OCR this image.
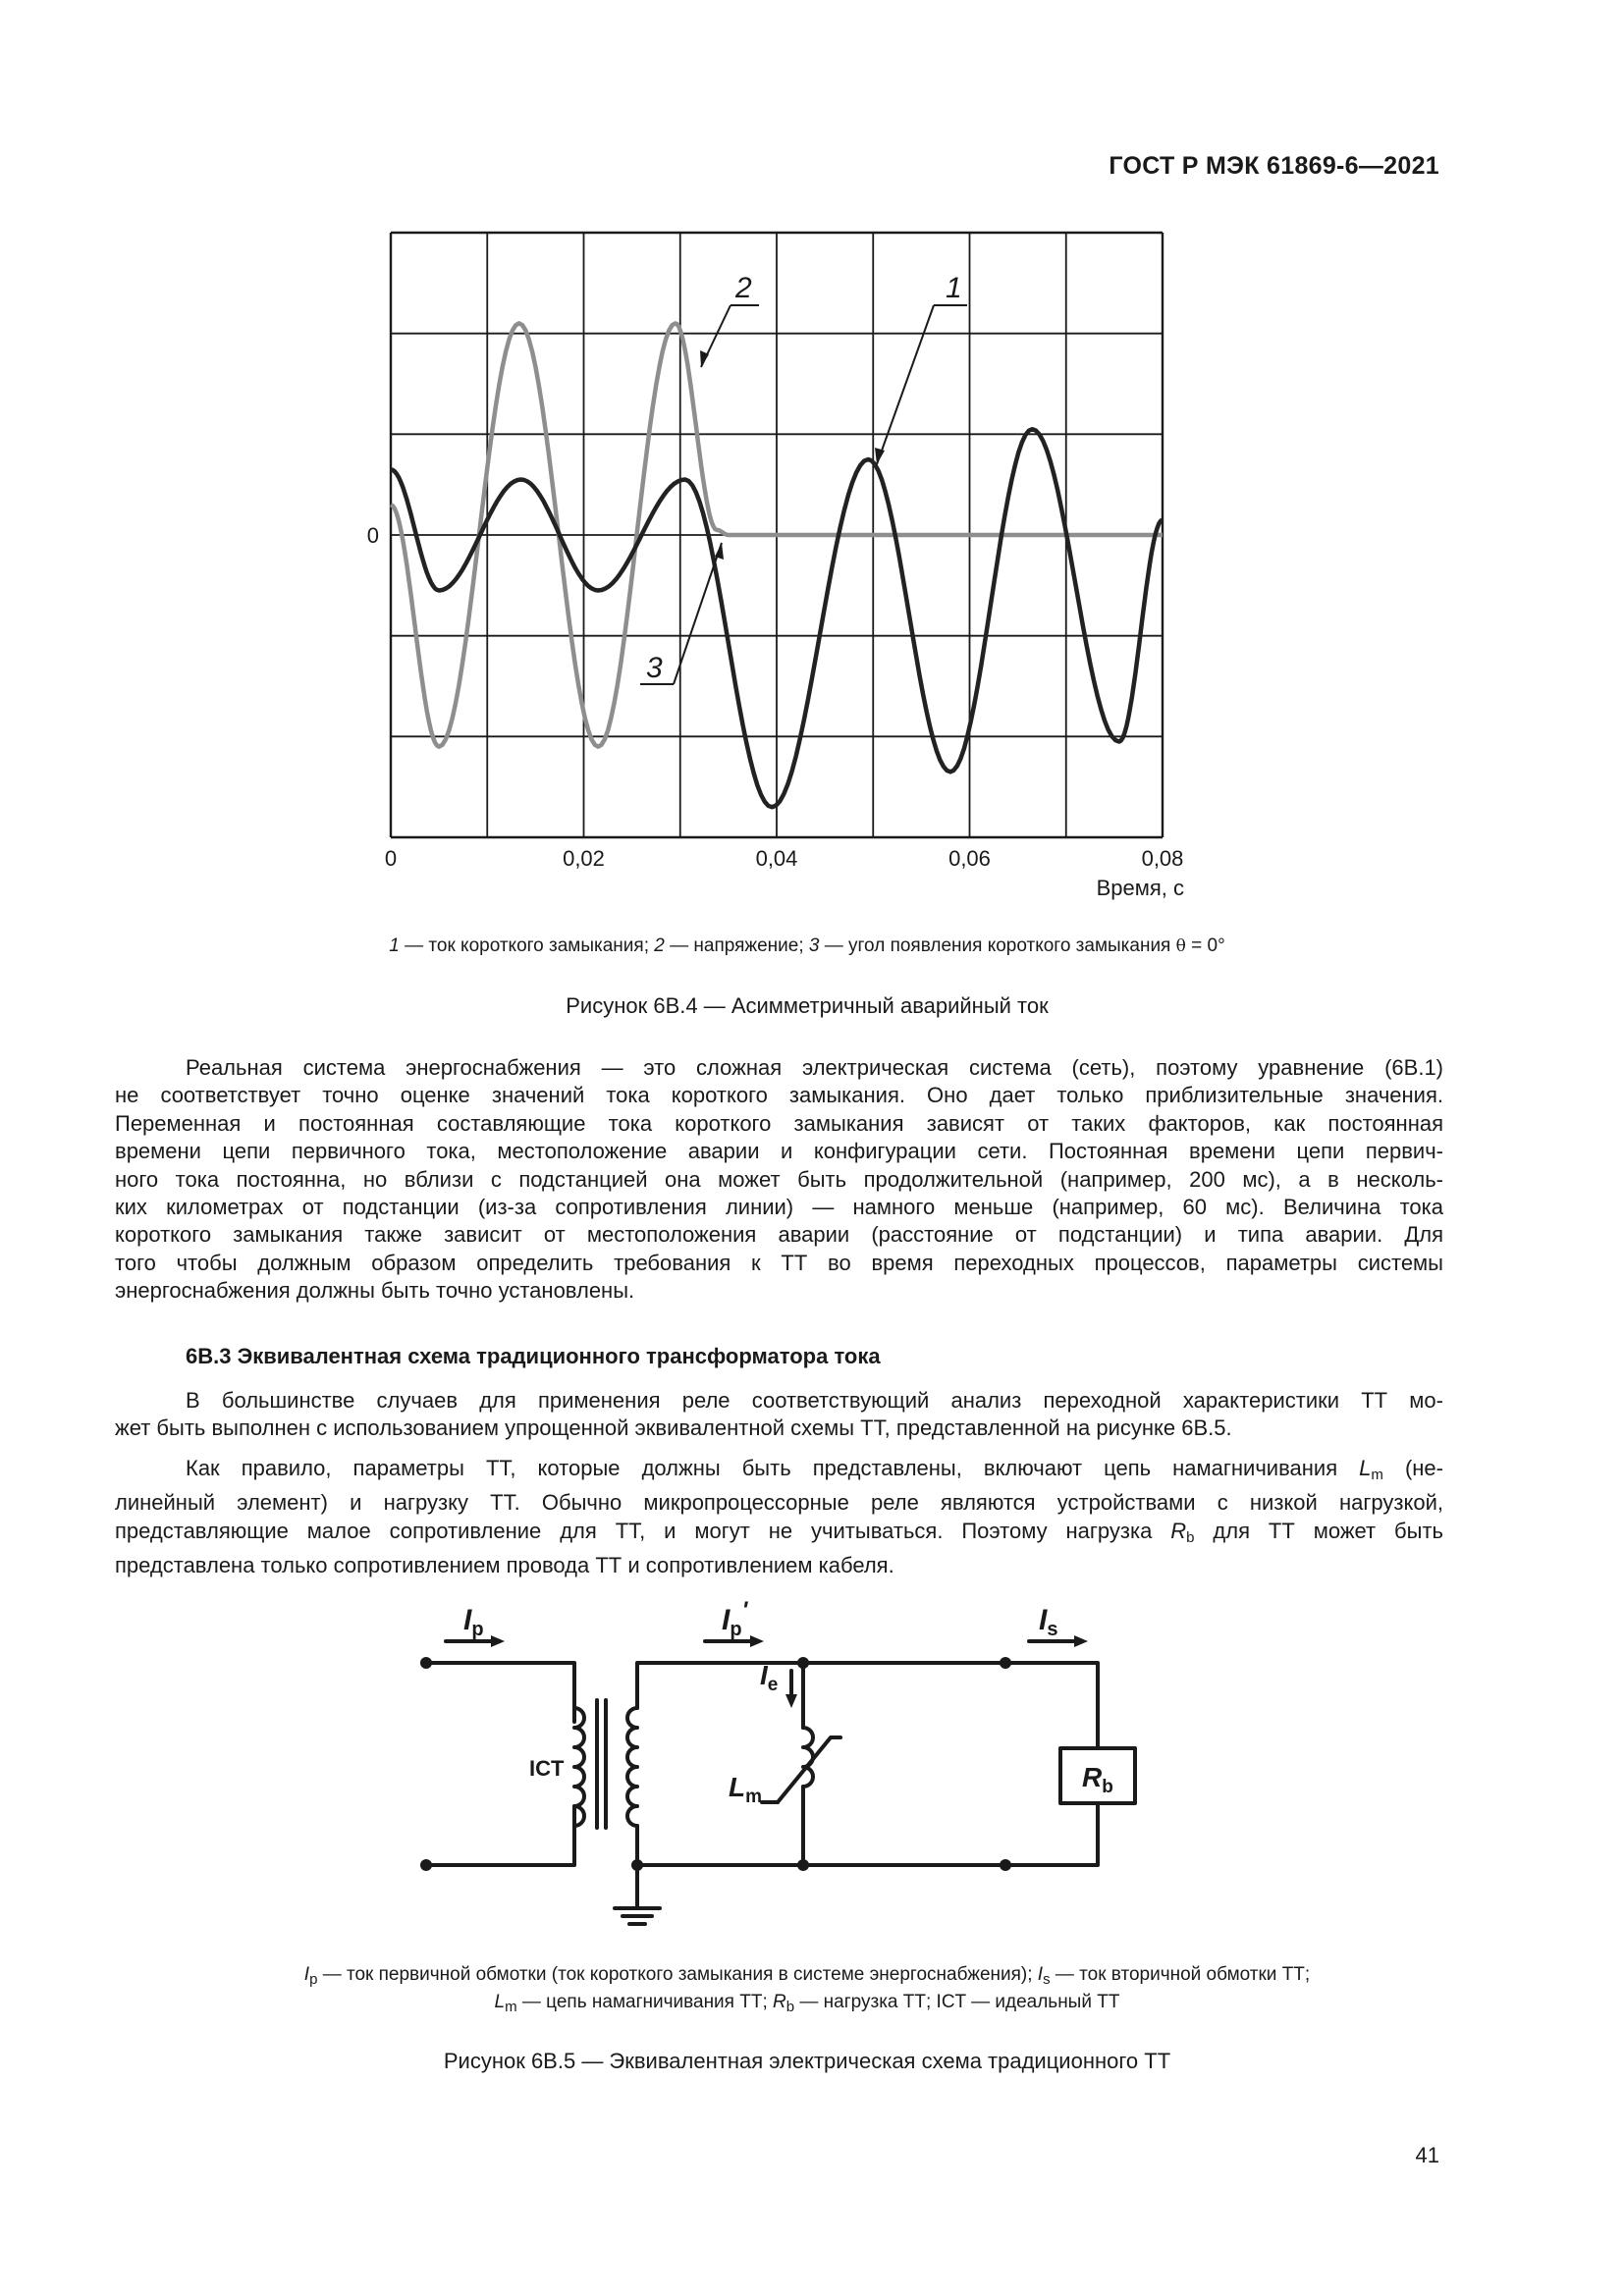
ГОСТ Р МЭК 61869-6—2021
0	0,02	0,04	0,06	0,08
0
Время, с
2	1
3
1 — ток короткого замыкания; 2 — напряжение; 3 — угол появления короткого замыкания θ = 0°
Рисунок 6В.4 — Асимметричный аварийный ток
Реальная система энергоснабжения — это сложная электрическая система (сеть), поэтому уравнение (6В.1)
не соответствует точно оценке значений тока короткого замыкания. Оно дает только приблизительные значения.
Переменная и постоянная составляющие тока короткого замыкания зависят от таких факторов, как постоянная
времени цепи первичного тока, местоположение аварии и конфигурации сети. Постоянная времени цепи первич-
ного тока постоянна, но вблизи с подстанцией она может быть продолжительной (например, 200 мс), а в несколь-
ких километрах от подстанции (из-за сопротивления линии) — намного меньше (например, 60 мс). Величина тока
короткого замыкания также зависит от местоположения аварии (расстояние от подстанции) и типа аварии. Для
того чтобы должным образом определить требования к ТТ во время переходных процессов, параметры системы
энергоснабжения должны быть точно установлены.
6В.3 Эквивалентная схема традиционного трансформатора тока
В большинстве случаев для применения реле соответствующий анализ переходной характеристики ТТ мо-
жет быть выполнен с использованием упрощенной эквивалентной схемы ТТ, представленной на рисунке 6В.5.
Как правило, параметры ТТ, которые должны быть представлены, включают цепь намагничивания $L_m$ (не-
линейный элемент) и нагрузку ТТ. Обычно микропроцессорные реле являются устройствами с низкой нагрузкой,
представляющие малое сопротивление для ТТ, и могут не учитываться. Поэтому нагрузка $R_b$ для ТТ может быть
представлена только сопротивлением провода ТТ и сопротивлением кабеля.
$I_p$	$I_p'$	$I_s$
$I_e$
$L_m$
$R_b$
ICT
$I_p$ — ток первичной обмотки (ток короткого замыкания в системе энергоснабжения); $I_s$ — ток вторичной обмотки ТТ;
$L_m$ — цепь намагничивания ТТ; $R_b$ — нагрузка ТТ; ICT — идеальный ТТ
Рисунок 6В.5 — Эквивалентная электрическая схема традиционного ТТ
41
